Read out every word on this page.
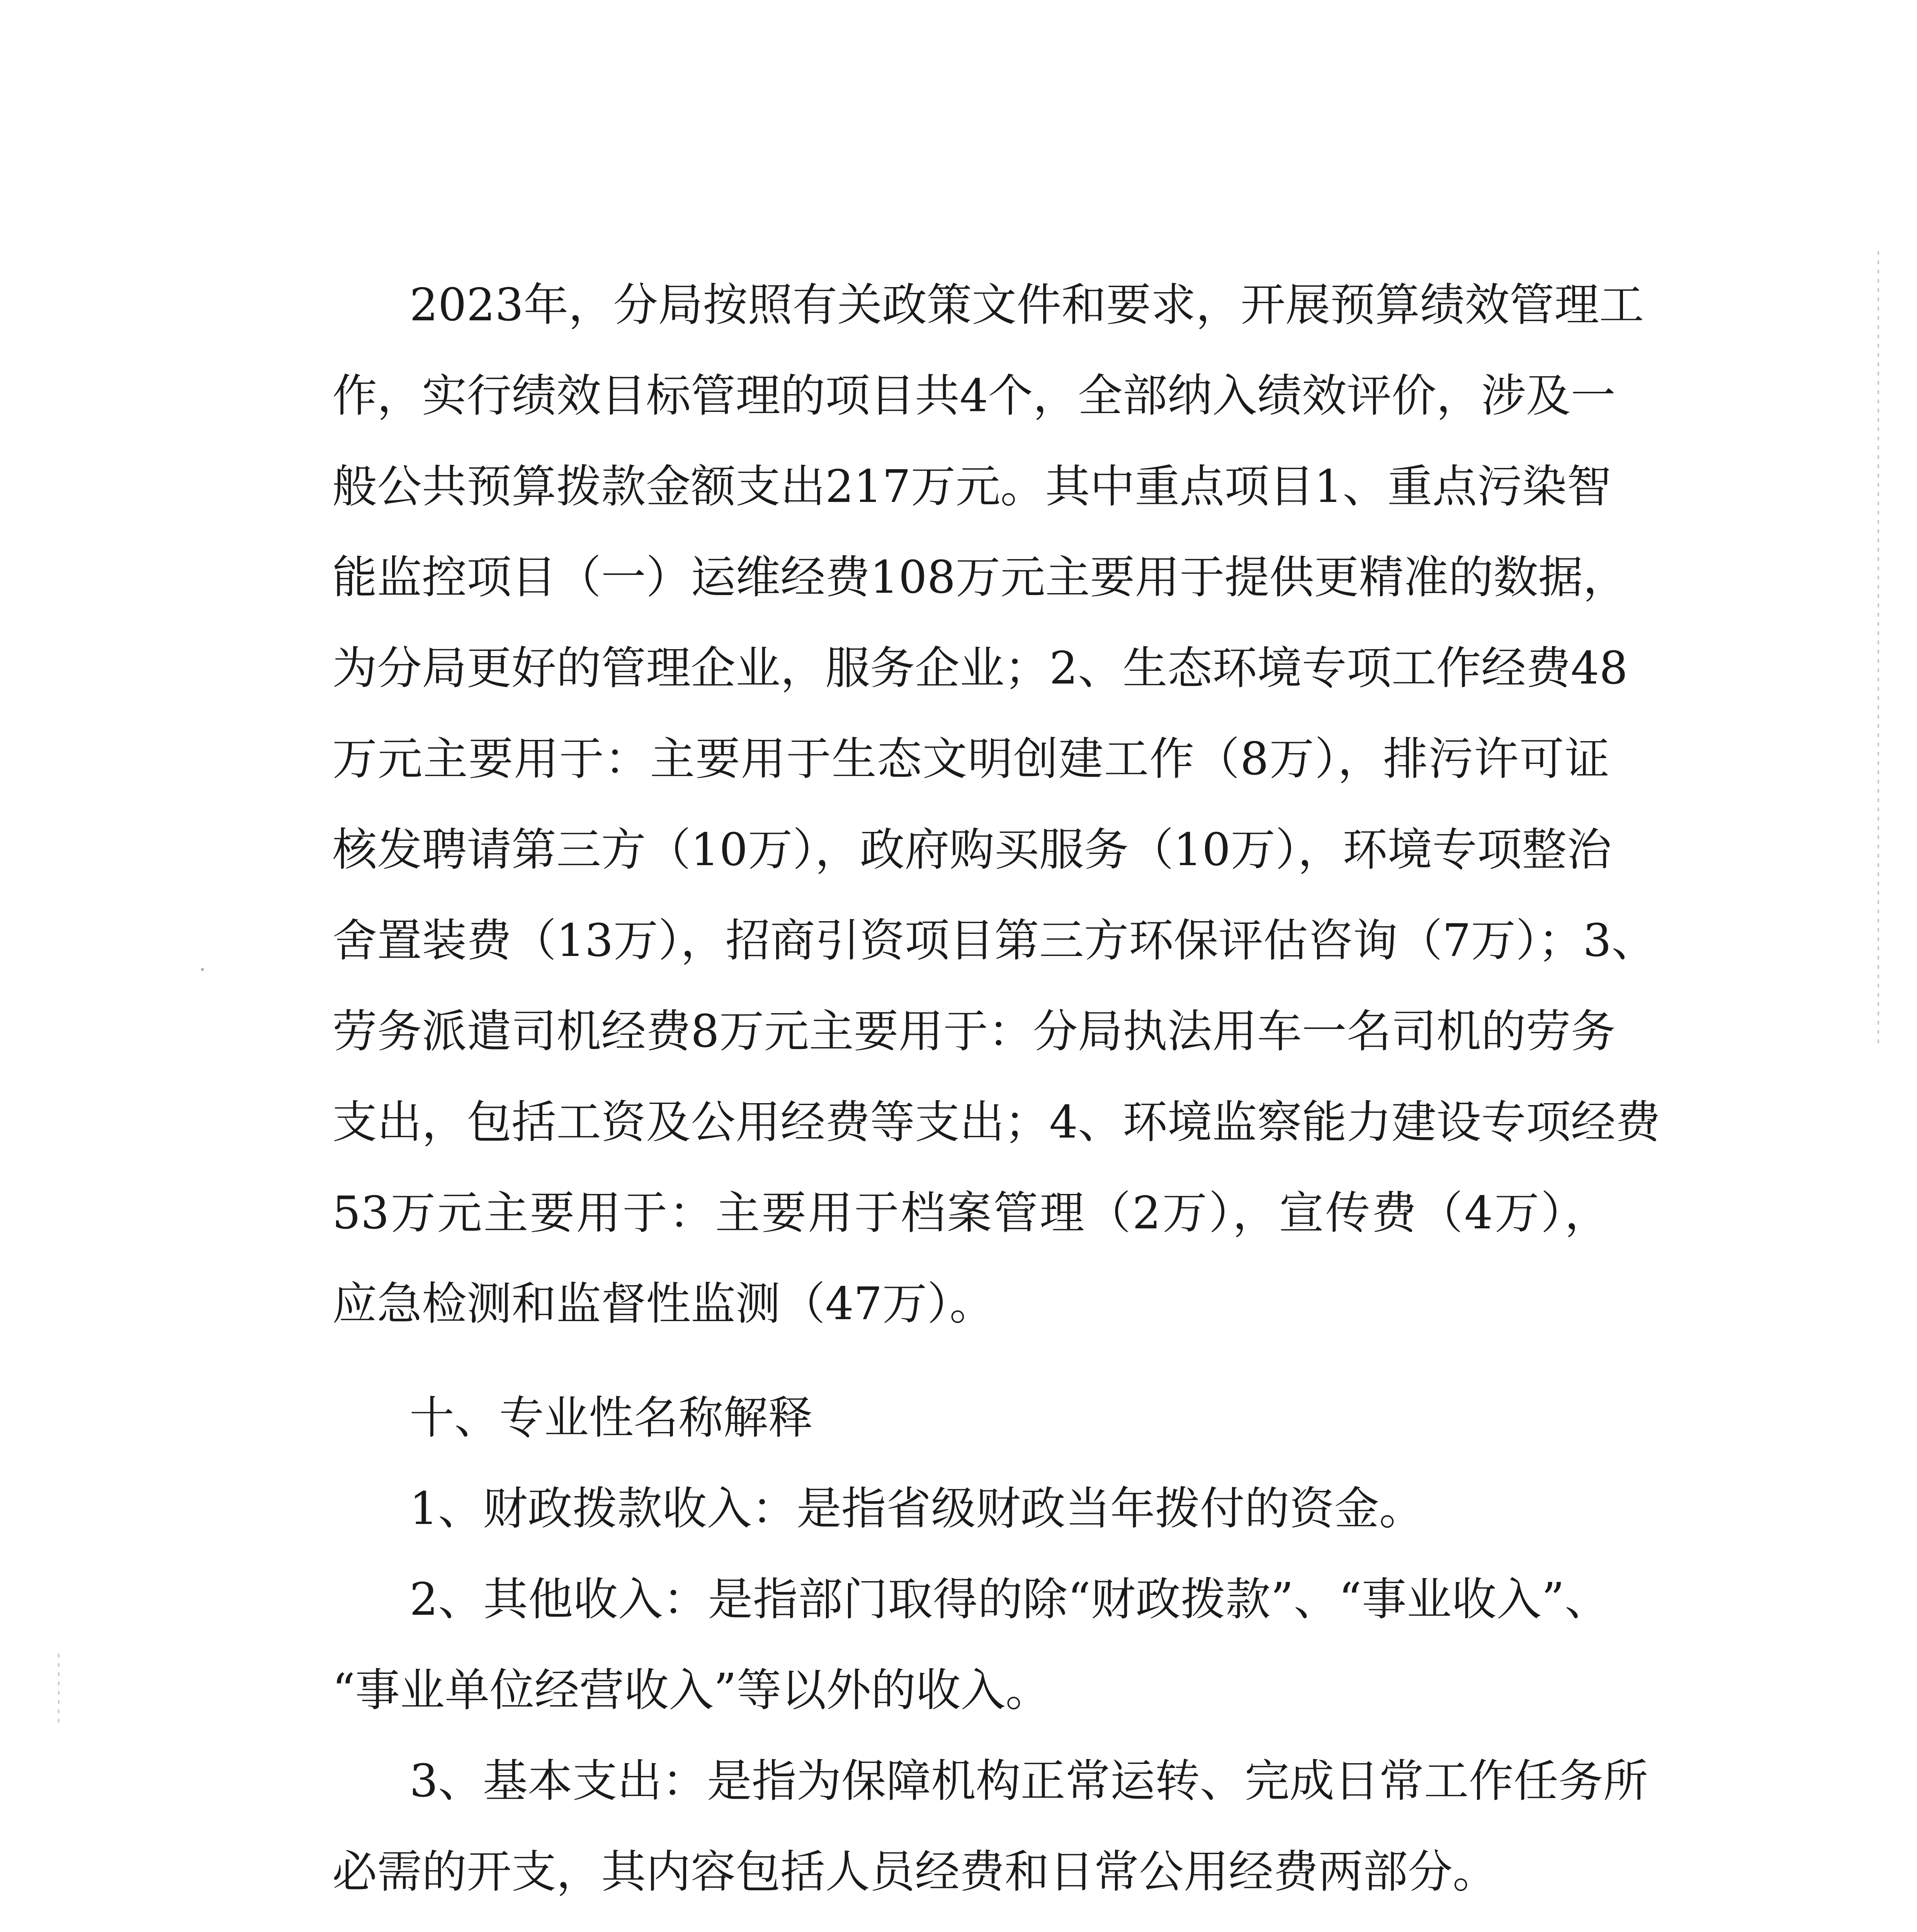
2023年，分局按照有关政策文件和要求，开展预算绩效管理工
作，实行绩效目标管理的项目共4个，全部纳入绩效评价，涉及一
般公共预算拨款金额支出217万元。其中重点项目1、重点污染智
能监控项目（一）运维经费108万元主要用于提供更精准的数据，
为分局更好的管理企业，服务企业；2、生态环境专项工作经费48
万元主要用于：主要用于生态文明创建工作（8万），排污许可证
核发聘请第三方（10万），政府购买服务（10万），环境专项整治
舍置装费（13万），招商引资项目第三方环保评估咨询（7万）；3、
劳务派遣司机经费8万元主要用于：分局执法用车一名司机的劳务
支出，包括工资及公用经费等支出；4、环境监察能力建设专项经费
53万元主要用于：主要用于档案管理（2万），宣传费（4万），
应急检测和监督性监测（47万）。
十、专业性名称解释
1、财政拨款收入：是指省级财政当年拨付的资金。
2、其他收入：是指部门取得的除“财政拨款”、“事业收入”、
“事业单位经营收入”等以外的收入。
3、基本支出：是指为保障机构正常运转、完成日常工作任务所
必需的开支，其内容包括人员经费和日常公用经费两部分。
